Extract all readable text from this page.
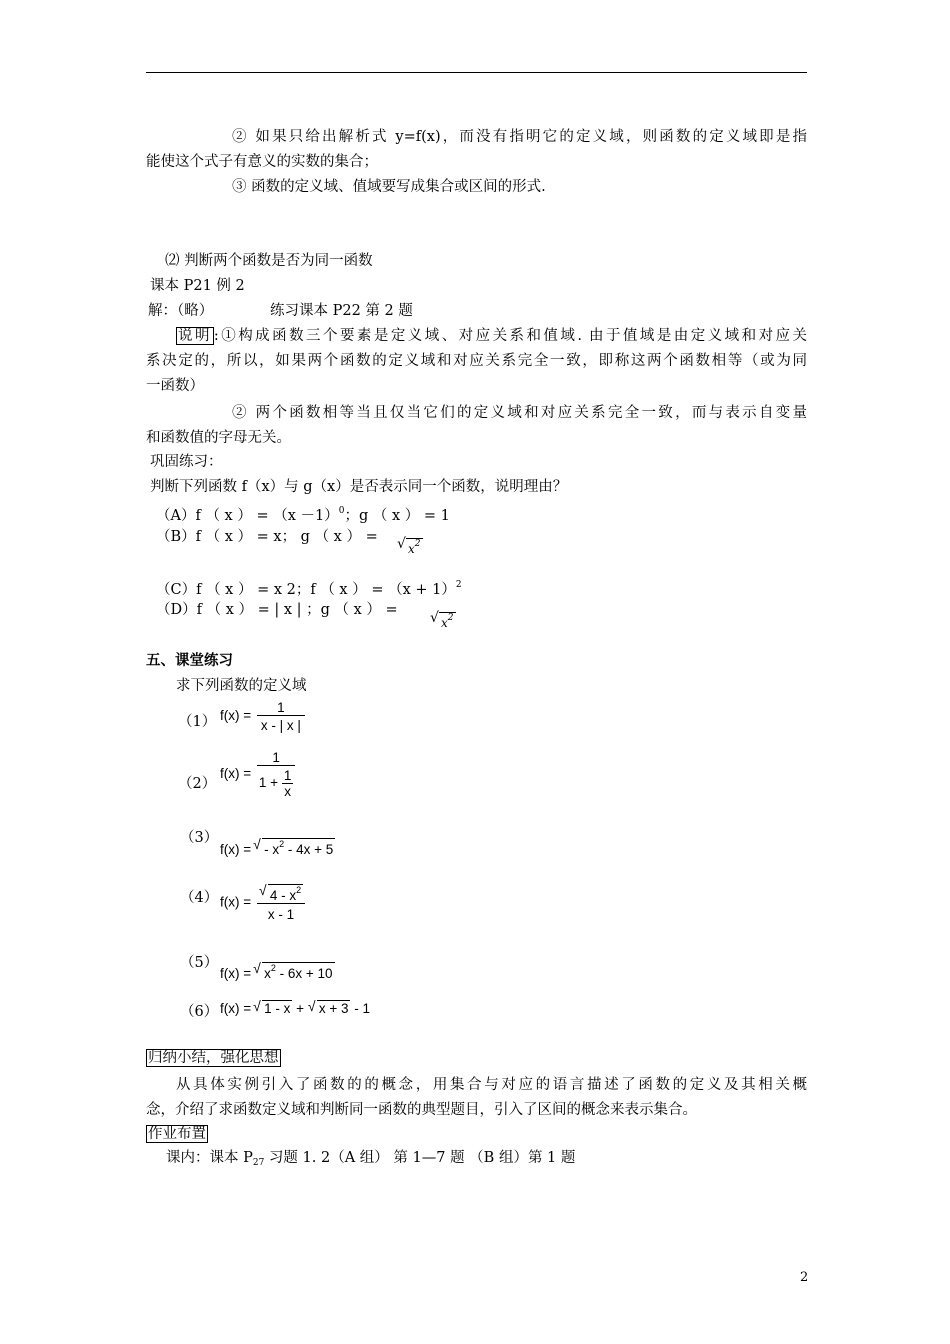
② 如果只给出解析式 y=f(x)，而没有指明它的定义域，则函数的定义域即是指
能使这个式子有意义的实数的集合；
③ 函数的定义域、值域要写成集合或区间的形式.
⑵ 判断两个函数是否为同一函数
课本 P21 例 2
解：（略）	练习课本 P22 第 2 题
说明 :①构成函数三个要素是定义域、对应关系和值域. 由于值域是由定义域和对应关
系决定的，所以，如果两个函数的定义域和对应关系完全一致，即称这两个函数相等（或为同
一函数）
② 两个函数相等当且仅当它们的定义域和对应关系完全一致，而与表示自变量
和函数值的字母无关。
巩固练习：
判断下列函数 f（x）与 g（x）是否表示同一个函数，说明理由？
（A）f （ x ） = $(x -1)^0$；g （ x ） = 1
（B）f （ x ） = x； g （ x ） =	√ $x^2$
（C）f （ x ） = x 2；f （ x ） = $(x + 1)^2$
（D）f （ x ） = | x | ；g （ x ） =	√ $x^2$
五、课堂练习
求下列函数的定义域
（1） $f(x) = \frac{1}{x - | x |}$
（2）
$f(x) = \frac{1}{1 + \frac{1}{x}}$
（3）
f(x) = √ - $x^2 - 4x + 5$
（4） $f(x) = \frac{√ 4 - x^2}{x - 1}$
（5）
f(x) = √ $x^2 - 6x + 10$
（6） f(x) = √ 1 - x + √ x + 3 - 1
归纳小结，强化思想
从具体实例引入了函数的的概念，用集合与对应的语言描述了函数的定义及其相关概
念，介绍了求函数定义域和判断同一函数的典型题目，引入了区间的概念来表示集合。
作业布置
课内：课本 $P_{27}$ 习题 1. 2（A 组） 第 1—7 题 （B 组）第 1 题
2
